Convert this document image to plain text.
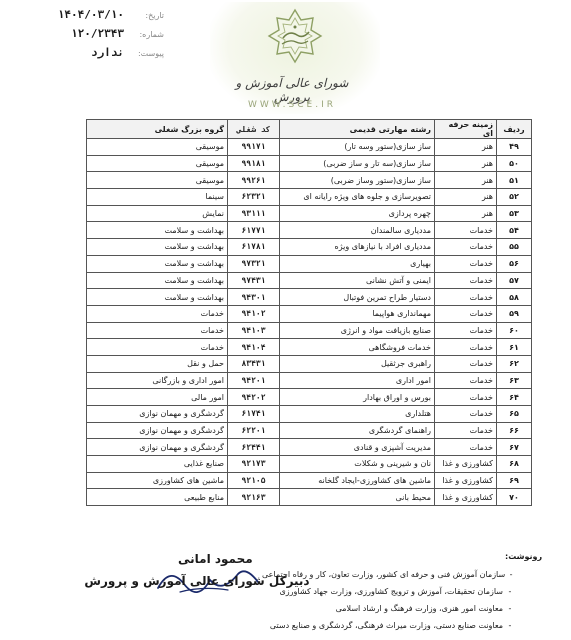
تاریخ:
۱۴۰۴/۰۳/۱۰
شماره:
۱۲۰/۲۳۴۳
پیوست:
ندارد
شورای عالی آموزش و پرورش
WWW.SCE.IR
ردیف	زمینه حرفه ای	رشته مهارتی قدیمی	کد شغلی	گروه بزرگ شغلی
۴۹	هنر	ساز سازی(ستور وسه تار)	۹۹۱۷۱	موسیقی
۵۰	هنر	ساز سازی(سه تار و ساز ضربی)	۹۹۱۸۱	موسیقی
۵۱	هنر	ساز سازی(ستور وساز ضربی)	۹۹۲۶۱	موسیقی
۵۲	هنر	تصویرسازی و جلوه های ویژه رایانه ای	۶۲۳۲۱	سینما
۵۳	هنر	چهره پردازی	۹۳۱۱۱	نمایش
۵۴	خدمات	مددیاری سالمندان	۶۱۷۷۱	بهداشت و سلامت
۵۵	خدمات	مددیاری افراد با نیازهای ویژه	۶۱۷۸۱	بهداشت و سلامت
۵۶	خدمات	بهیاری	۹۷۳۲۱	بهداشت و سلامت
۵۷	خدمات	ایمنی و آتش نشانی	۹۷۴۳۱	بهداشت و سلامت
۵۸	خدمات	دستیار طراح تمرین فوتبال	۹۴۳۰۱	بهداشت و سلامت
۵۹	خدمات	مهمانداری هواپیما	۹۴۱۰۲	خدمات
۶۰	خدمات	صنایع بازیافت مواد و انرژی	۹۴۱۰۳	خدمات
۶۱	خدمات	خدمات فروشگاهی	۹۴۱۰۴	خدمات
۶۲	خدمات	راهبری جرثقیل	۸۳۴۳۱	حمل و نقل
۶۳	خدمات	امور اداری	۹۴۲۰۱	امور اداری و بازرگانی
۶۴	خدمات	بورس و اوراق بهادار	۹۴۲۰۲	امور مالی
۶۵	خدمات	هتلداری	۶۱۷۴۱	گردشگری و مهمان نوازی
۶۶	خدمات	راهنمای گردشگری	۶۲۲۰۱	گردشگری و مهمان نوازی
۶۷	خدمات	مدیریت آشپزی و قنادی	۶۲۴۴۱	گردشگری و مهمان نوازی
۶۸	کشاورزی و غذا	نان و شیرینی و شکلات	۹۲۱۷۳	صنایع غذایی
۶۹	کشاورزی و غذا	ماشین های کشاورزی-ایجاد گلخانه	۹۲۱۰۵	ماشین های کشاورزی
۷۰	کشاورزی و غذا	محیط بانی	۹۲۱۶۳	منابع طبیعی
محمود امانی
دبیرکل شورای عالی آموزش و پرورش
رونوشت:
-
سازمان آموزش فنی و حرفه ای کشور، وزارت تعاون، کار و رفاه اجتماعی
-
سازمان تحقیقات، آموزش و ترویج کشاورزی، وزارت جهاد کشاورزی
-
معاونت امور هنری، وزارت فرهنگ و ارشاد اسلامی
-
معاونت صنایع دستی، وزارت میراث فرهنگی، گردشگری و صنایع دستی
